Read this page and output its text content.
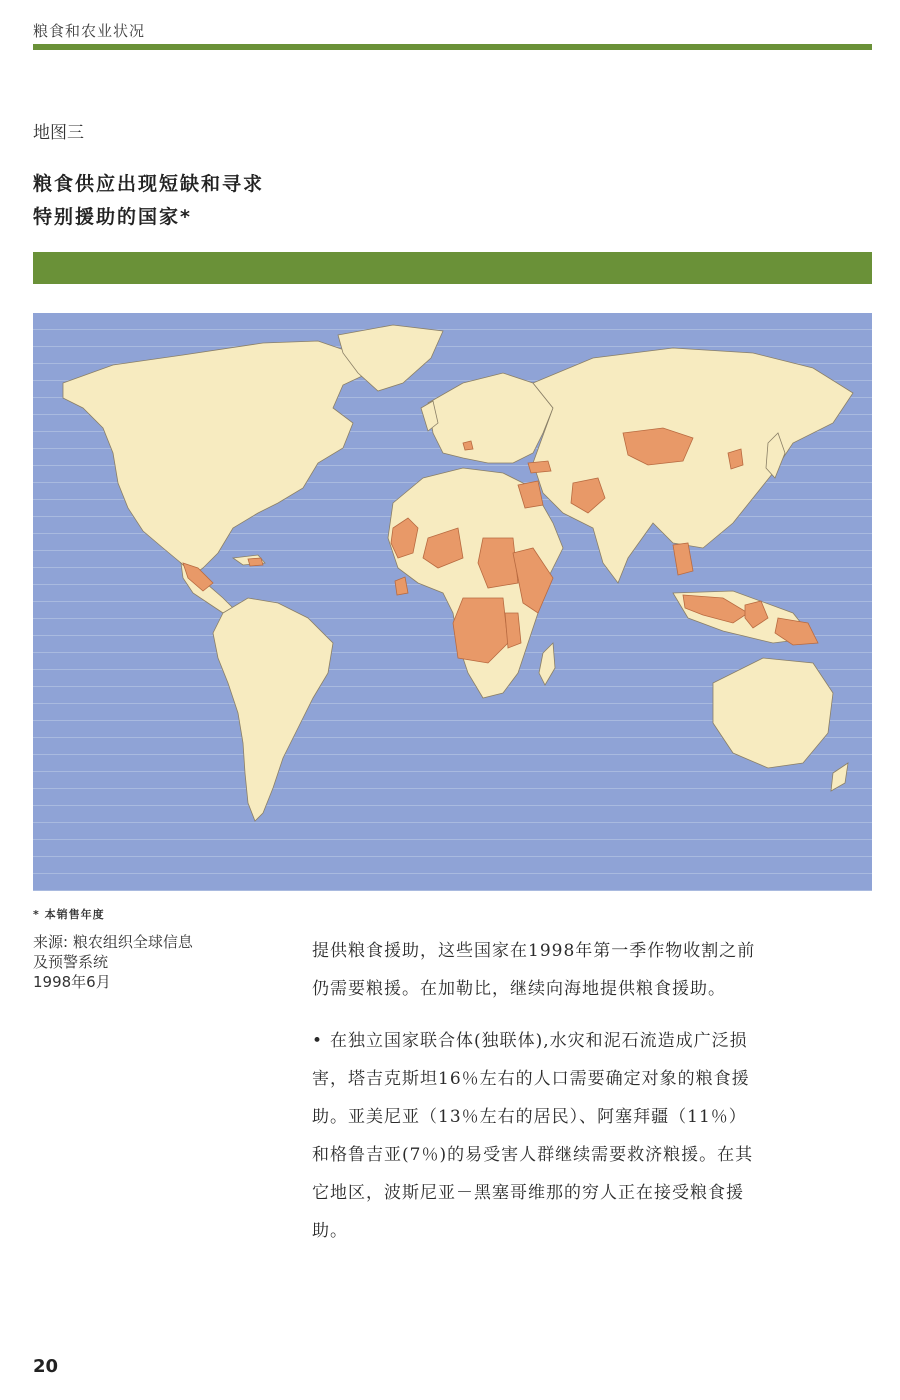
粮食和农业状况
地图三
粮食供应出现短缺和寻求
特别援助的国家*
* 本销售年度
来源: 粮农组织全球信息
及预警系统
1998年6月

提供粮食援助，这些国家在1998年第一季作物收割之前
仍需要粮援。在加勒比，继续向海地提供粮食援助。

• 在独立国家联合体(独联体),水灾和泥石流造成广泛损
害，塔吉克斯坦16％左右的人口需要确定对象的粮食援
助。亚美尼亚（13％左右的居民）、阿塞拜疆（11％）
和格鲁吉亚(7％)的易受害人群继续需要救济粮援。在其
它地区，波斯尼亚－黑塞哥维那的穷人正在接受粮食援
助。

20
